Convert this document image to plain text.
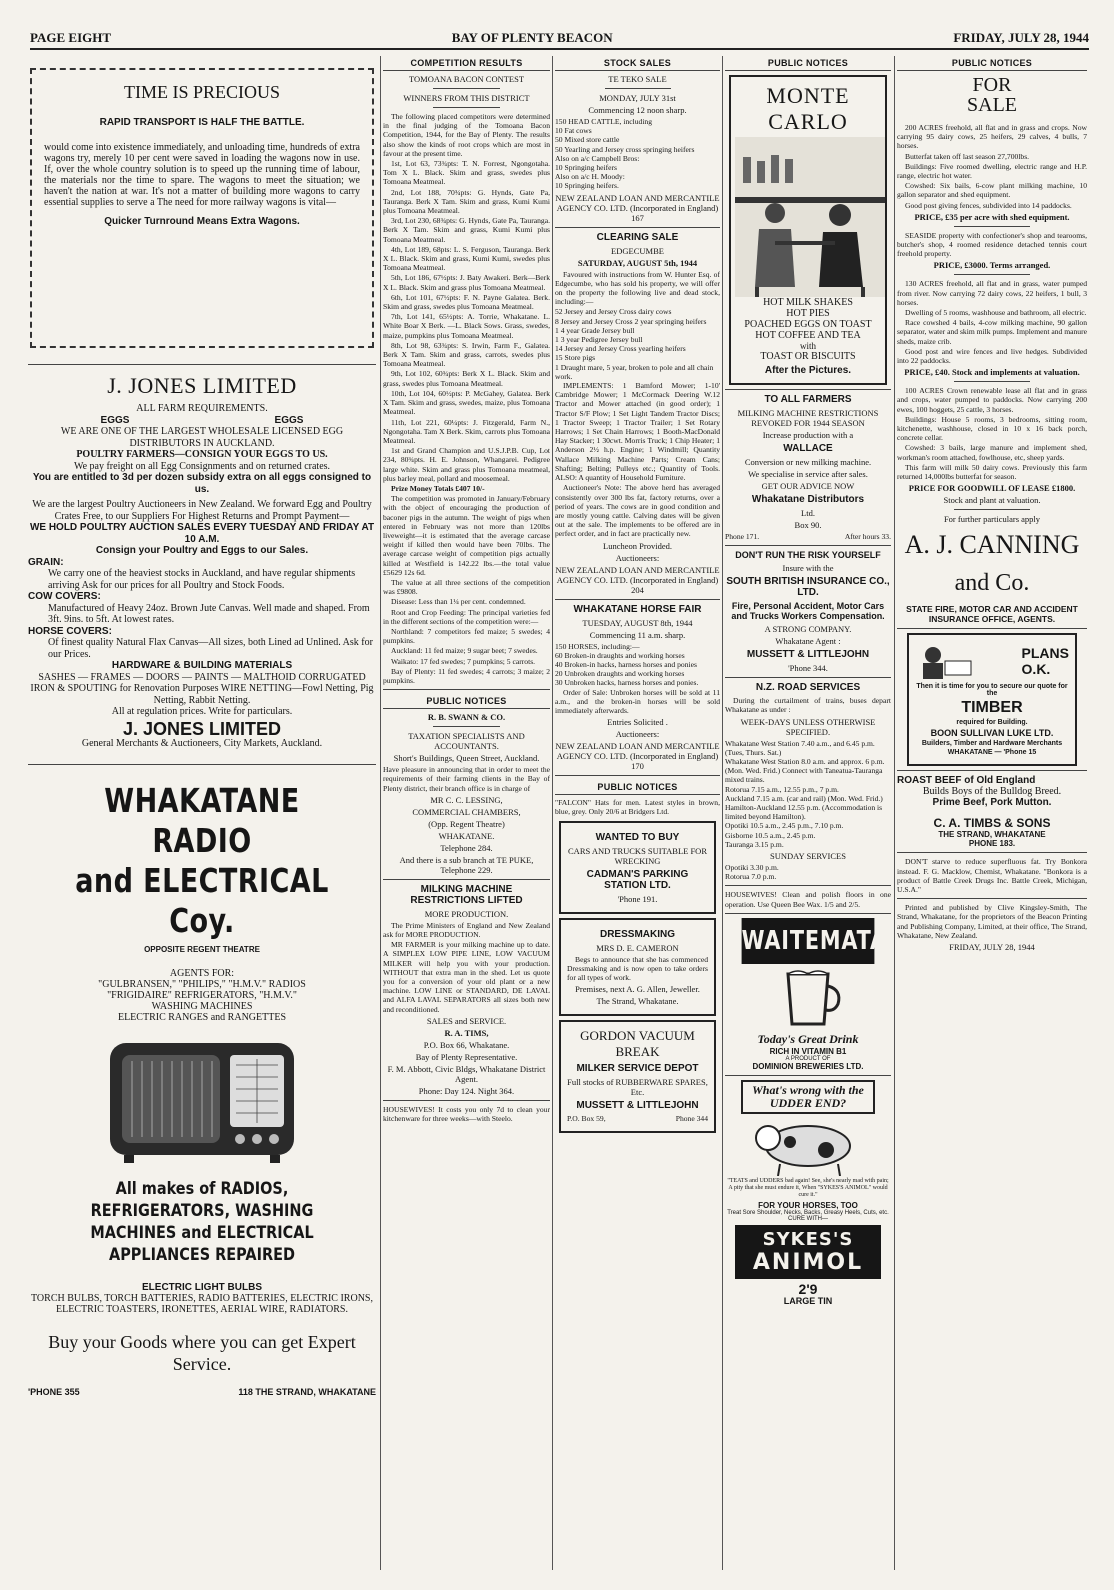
PAGE EIGHT	BAY OF PLENTY BEACON	FRIDAY, JULY 28, 1944
TIME IS PRECIOUS
RAPID TRANSPORT IS HALF THE BATTLE.

would come into existence immediately, and unloading time, hundreds of extra wagons try, merely 10 per cent were saved in loading the wagons now in use. If, over the whole country solution is to speed up the running time of labour, the materials nor the time to spare. The wagons to meet the situation; we haven't the nation at war. It's not a matter of building more wagons to carry essential supplies to serve a The need for more railway wagons is vital—

Quicker Turnround Means Extra Wagons.

J. JONES LIMITED

ALL FARM REQUIREMENTS.

EGGS	EGGS

WE ARE ONE OF THE LARGEST WHOLESALE LICENSED EGG DISTRIBUTORS IN AUCKLAND.

POULTRY FARMERS—CONSIGN YOUR EGGS TO US.

We pay freight on all Egg Consignments and on returned crates.

You are entitled to 3d per dozen subsidy extra on all eggs consigned to us.

We are the largest Poultry Auctioneers in New Zealand. We forward Egg and Poultry Crates Free, to our Suppliers For Highest Returns and Prompt Payment—

WE HOLD POULTRY AUCTION SALES EVERY TUESDAY AND FRIDAY AT 10 A.M.

Consign your Poultry and Eggs to our Sales.

GRAIN:

We carry one of the heaviest stocks in Auckland, and have regular shipments arriving Ask for our prices for all Poultry and Stock Foods.

COW COVERS:

Manufactured of Heavy 24oz. Brown Jute Canvas. Well made and shaped. From 3ft. 9ins. to 5ft. At lowest rates.

HORSE COVERS:

Of finest quality Natural Flax Canvas—All sizes, both Lined ad Unlined. Ask for our Prices.

HARDWARE & BUILDING MATERIALS

SASHES — FRAMES — DOORS — PAINTS — MALTHOID CORRUGATED IRON & SPOUTING for Renovation Purposes WIRE NETTING—Fowl Netting, Pig Netting, Rabbit Netting.

All at regulation prices. Write for particulars.

J. JONES LIMITED

General Merchants & Auctioneers, City Markets, Auckland.

WHAKATANE RADIO
and ELECTRICAL Coy.

OPPOSITE REGENT THEATRE

AGENTS FOR:

"GULBRANSEN," "PHILIPS," "H.M.V." RADIOS

"FRIGIDAIRE" REFRIGERATORS, "H.M.V."

WASHING MACHINES

ELECTRIC RANGES and RANGETTES

All makes of RADIOS, REFRIGERATORS, WASHING MACHINES and ELECTRICAL APPLIANCES REPAIRED

ELECTRIC LIGHT BULBS

TORCH BULBS, TORCH BATTERIES, RADIO BATTERIES, ELECTRIC IRONS, ELECTRIC TOASTERS, IRONETTES, AERIAL WIRE, RADIATORS.

Buy your Goods where you can get Expert Service.

'PHONE 355	118 THE STRAND, WHAKATANE

COMPETITION RESULTS

TOMOANA BACON CONTEST

WINNERS FROM THIS DISTRICT

The following placed competitors were determined in the final judging of the Tomoana Bacon Competition, 1944, for the Bay of Plenty. The results also show the kinds of root crops which are most in favour at the present time.

1st, Lot 63, 73¾pts: T. N. Forrest, Ngongotaha. Tom X L. Black. Skim and grass, swedes plus Tomoana Meatmeal.

2nd, Lot 188, 70¾pts: G. Hynds, Gate Pa, Tauranga. Berk X Tam. Skim and grass, Kumi Kumi plus Tomoana Meatmeal.

3rd, Lot 230, 68¾pts: G. Hynds, Gate Pa, Tauranga. Berk X Tam. Skim and grass, Kumi Kumi plus Tomoana Meatmeal.

4th, Lot 189, 68pts: L. S. Ferguson, Tauranga. Berk X L. Black. Skim and grass, Kumi Kumi, swedes plus Tomoana Meatmeal.

5th, Lot 186, 67½pts: J. Baty Awakeri. Berk—Berk X L. Black. Skim and grass plus Tomoana Meatmeal.

6th, Lot 101, 67½pts: F. N. Payne Galatea. Berk. Skim and grass, swedes plus Tomoana Meatmeal.

7th, Lot 141, 65½pts: A. Torrie, Whakatane. L. White Boar X Berk. —L. Black Sows. Grass, swedes, maize, pumpkins plus Tomoana Meatmeal.

8th, Lot 98, 63¾pts: S. Irwin, Farm F., Galatea. Berk X Tam. Skim and grass, carrots, swedes plus Tomoana Meatmeal.

9th, Lot 102, 60¾pts: Berk X L. Black. Skim and grass, swedes plus Tomoana Meatmeal.

10th, Lot 104, 60½pts: P. McGahey, Galatea. Berk X Tam. Skim and grass, swedes, maize, plus Tomoana Meatmeal.

11th, Lot 221, 60¼pts: J. Fitzgerald, Farm N., Ngongotaha. Tam X Berk. Skim, carrots plus Tomoana Meatmeal.

1st and Grand Champion and U.S.J.P.B. Cup, Lot 234, 80¾pts. H. E. Johnson, Whangarei. Pedigree large white. Skim and grass plus Tomoana meatmeal, plus barley meal, pollard and moosemeal.

Prize Money Totals £407 10/-

The competition was promoted in January/February with the object of encouraging the production of baconer pigs in the autumn. The weight of pigs when entered in February was not more than 120lbs liveweight—it is estimated that the average carcase weight if killed then would have been 70lbs. The average carcase weight of competition pigs actually killed at Westfield is 142.22 lbs.—the total value £5629 12s 6d.

The value at all three sections of the competition was £9808.

Disease: Less than 1¼ per cent. condemned.

Root and Crop Feeding: The principal varieties fed in the different sections of the competition were:—

Northland: 7 competitors fed maize; 5 swedes; 4 pumpkins.

Auckland: 11 fed maize; 9 sugar beet; 7 swedes.

Waikato: 17 fed swedes; 7 pumpkins; 5 carrots.

Bay of Plenty: 11 fed swedes; 4 carrots; 3 maize; 2 pumpkins.

PUBLIC NOTICES

R. B. SWANN & CO.

TAXATION SPECIALISTS AND ACCOUNTANTS.

Short's Buildings, Queen Street, Auckland.

Have pleasure in announcing that in order to meet the requirements of their farming clients in the Bay of Plenty district, their branch office is in charge of

MR C. C. LESSING,

COMMERCIAL CHAMBERS,

(Opp. Regent Theatre)

WHAKATANE.

Telephone 284.

And there is a sub branch at TE PUKE, Telephone 229.

MILKING MACHINE RESTRICTIONS LIFTED

MORE PRODUCTION.

The Prime Ministers of England and New Zealand ask for MORE PRODUCTION.

MR FARMER is your milking machine up to date. A SIMPLEX LOW PIPE LINE, LOW VACUUM MILKER will help you with your production. WITHOUT that extra man in the shed. Let us quote you for a conversion of your old plant or a new machine. LOW LINE or STANDARD, DE LAVAL and ALFA LAVAL SEPARATORS all sizes both new and reconditioned.

SALES and SERVICE.

R. A. TIMS,

P.O. Box 66, Whakatane.

Bay of Plenty Representative.

F. M. Abbott, Civic Bldgs, Whakatane District Agent.

Phone: Day 124. Night 364.

HOUSEWIVES! It costs you only 7d to clean your kitchenware for three weeks—with Steelo.

STOCK SALES

TE TEKO SALE

MONDAY, JULY 31st

Commencing 12 noon sharp.

150 HEAD CATTLE, including
10 Fat cows
50 Mixed store cattle
50 Yearling and Jersey cross springing heifers
Also on a/c Campbell Bros:
10 Springing heifers
Also on a/c H. Moody:
10 Springing heifers.

NEW ZEALAND LOAN AND MERCANTILE AGENCY CO. LTD. (Incorporated in England) 167

CLEARING SALE

EDGECUMBE

SATURDAY, AUGUST 5th, 1944

Favoured with instructions from W. Hunter Esq. of Edgecumbe, who has sold his property, we will offer on the property the following live and dead stock, including:—

52 Jersey and Jersey Cross dairy cows
8 Jersey and Jersey Cross 2 year springing heifers
1 4 year Grade Jersey bull
1 3 year Pedigree Jersey bull
14 Jersey and Jersey Cross yearling heifers
15 Store pigs
1 Draught mare, 5 year, broken to pole and all chain work.

IMPLEMENTS: 1 Bamford Mower; 1-10' Cambridge Mower; 1 McCormack Deering W.12 Tractor and Mower attached (in good order); 1 Tractor S/F Plow; 1 Set Light Tandem Tractor Discs; 1 Tractor Sweep; 1 Tractor Trailer; 1 Set Rotary Harrows; 1 Set Chain Harrows; 1 Booth-MacDonald Hay Stacker; 1 30cwt. Morris Truck; 1 Chip Heater; 1 Anderson 2½ h.p. Engine; 1 Windmill; Quantity Wallace Milking Machine Parts; Cream Cans; Shafting; Belting; Pulleys etc.; Quantity of Tools. ALSO: A quantity of Household Furniture.

Auctioneer's Note: The above herd has averaged consistently over 300 lbs fat, factory returns, over a period of years. The cows are in good condition and are mostly young cattle. Calving dates will be given out at the sale. The implements to be offered are in perfect order, and in fact are practically new.

Luncheon Provided.

Auctioneers:

NEW ZEALAND LOAN AND MERCANTILE AGENCY CO. LTD. (Incorporated in England) 204

WHAKATANE HORSE FAIR

TUESDAY, AUGUST 8th, 1944

Commencing 11 a.m. sharp.

150 HORSES, including:—
60 Broken-in draughts and working horses
40 Broken-in hacks, harness horses and ponies
20 Unbroken draughts and working horses
30 Unbroken hacks, harness horses and ponies.

Order of Sale: Unbroken horses will be sold at 11 a.m., and the broken-in horses will be sold immediately afterwards.

Entries Solicited .

Auctioneers:

NEW ZEALAND LOAN AND MERCANTILE AGENCY CO. LTD. (Incorporated in England) 170

PUBLIC NOTICES

"FALCON" Hats for men. Latest styles in brown, blue, grey. Only 20/6 at Bridgers Ltd.

WANTED TO BUY

CARS AND TRUCKS SUITABLE FOR WRECKING

CADMAN'S PARKING STATION LTD.

'Phone 191.

DRESSMAKING

MRS D. E. CAMERON

Begs to announce that she has commenced Dressmaking and is now open to take orders for all types of work.

Premises, next A. G. Allen, Jeweller.

The Strand, Whakatane.

GORDON VACUUM

BREAK

MILKER SERVICE DEPOT

Full stocks of RUBBERWARE SPARES, Etc.

MUSSETT & LITTLEJOHN

P.O. Box 59,	Phone 344

PUBLIC NOTICES
MONTE CARLO

HOT MILK SHAKES

HOT PIES

POACHED EGGS ON TOAST

HOT COFFEE AND TEA

with

TOAST OR BISCUITS

After the Pictures.

TO ALL FARMERS

MILKING MACHINE RESTRICTIONS REVOKED FOR 1944 SEASON

Increase production with a

WALLACE

Conversion or new milking machine.

We specialise in service after sales.

GET OUR ADVICE NOW

Whakatane Distributors

Ltd.

Box 90.

Phone 171.	After hours 33.

DON'T RUN THE RISK YOURSELF

Insure with the

SOUTH BRITISH INSURANCE CO., LTD.

Fire, Personal Accident, Motor Cars and Trucks Workers Compensation.

A STRONG COMPANY.

Whakatane Agent :

MUSSETT & LITTLEJOHN

'Phone 344.

N.Z. ROAD SERVICES

During the curtailment of trains, buses depart Whakatane as under :

WEEK-DAYS UNLESS OTHERWISE SPECIFIED.

Whakatane West Station 7.40 a.m., and 6.45 p.m. (Tues, Thurs. Sat.)
Whakatane West Station 8.0 a.m. and approx. 6 p.m. (Mon. Wed. Frid.) Connect with Taneatua-Tauranga mixed trains.
Rotorua 7.15 a.m., 12.55 p.m., 7 p.m.
Auckland 7.15 a.m. (car and rail) (Mon. Wed. Frid.)
Hamilton-Auckland 12.55 p.m. (Accommodation is limited beyond Hamilton).
Opotiki 10.5 a.m., 2.45 p.m., 7.10 p.m.
Gisborne 10.5 a.m., 2.45 p.m.
Tauranga 3.15 p.m.

SUNDAY SERVICES

Opotiki 3.30 p.m.
Rotorua 7.0 p.m.

HOUSEWIVES! Clean and polish floors in one operation. Use Queen Bee Wax. 1/5 and 2/5.

WAITEMATA

Today's Great Drink

RICH IN VITAMIN B1

A PRODUCT OF

DOMINION BREWERIES LTD.

What's wrong with the UDDER END?

"TEATS and UDDERS bad again! See, she's nearly mad with pain; A pity that she must endure it, When "SYKES'S ANIMOL" would cure it."

FOR YOUR HORSES, TOO

Treat Sore Shoulder, Necks, Backs, Greasy Heels, Cuts, etc. CURE WITH—

SYKES'S
ANIMOL

2'9

LARGE TIN

PUBLIC NOTICES
FOR
SALE

200 ACRES freehold, all flat and in grass and crops. Now carrying 95 dairy cows, 25 heifers, 29 calves, 4 bulls, 7 horses.

Butterfat taken off last season 27,700lbs.

Buildings: Five roomed dwelling, electric range and H.P. range, electric hot water.

Cowshed: Six bails, 6-cow plant milking machine, 10 gallon separator and shed equipment.

Good post giving fences, subdivided into 14 paddocks.

PRICE, £35 per acre with shed equipment.

SEASIDE property with confectioner's shop and tearooms, butcher's shop, 4 roomed residence detached tennis court freehold property.

PRICE, £3000. Terms arranged.

130 ACRES freehold, all flat and in grass, water pumped from river. Now carrying 72 dairy cows, 22 heifers, 1 bull, 3 horses.

Dwelling of 5 rooms, washhouse and bathroom, all electric.

Race cowshed 4 bails, 4-cow milking machine, 90 gallon separator, water and skim milk pumps. Implement and manure sheds, maize crib.

Good post and wire fences and live hedges. Subdivided into 22 paddocks.

PRICE, £40. Stock and implements at valuation.

100 ACRES Crown renewable lease all flat and in grass and crops, water pumped to paddocks. Now carrying 200 ewes, 100 hoggets, 25 cattle, 3 horses.

Buildings: House 5 rooms, 3 bedrooms, sitting room, kitchenette, washhouse, closed in 10 x 16 back porch, concrete cellar.

Cowshed: 3 bails, large manure and implement shed, workman's room attached, fowlhouse, etc, sheep yards.

This farm will milk 50 dairy cows. Previously this farm returned 14,000lbs butterfat for season.

PRICE FOR GOODWILL OF LEASE £1800.

Stock and plant at valuation.

For further particulars apply

A. J. CANNING
and Co.

STATE FIRE, MOTOR CAR AND ACCIDENT INSURANCE OFFICE, AGENTS.

PLANS
O.K.

Then it is time for you to secure our quote for the

TIMBER

required for Building.

BOON SULLIVAN LUKE LTD.

Builders, Timber and Hardware Merchants

WHAKATANE — 'Phone 15

ROAST BEEF of Old England

Builds Boys of the Bulldog Breed.

Prime Beef, Pork Mutton.

C. A. TIMBS & SONS

THE STRAND, WHAKATANE

PHONE 183.

DON'T starve to reduce superfluous fat. Try Bonkora instead. F. G. Macklow, Chemist, Whakatane. "Bonkora is a product of Battle Creek Drugs Inc. Battle Creek, Michigan, U.S.A."

Printed and published by Clive Kingsley-Smith, The Strand, Whakatane, for the proprietors of the Beacon Printing and Publishing Company, Limited, at their office, The Strand, Whakatane, New Zealand.

FRIDAY, JULY 28, 1944
